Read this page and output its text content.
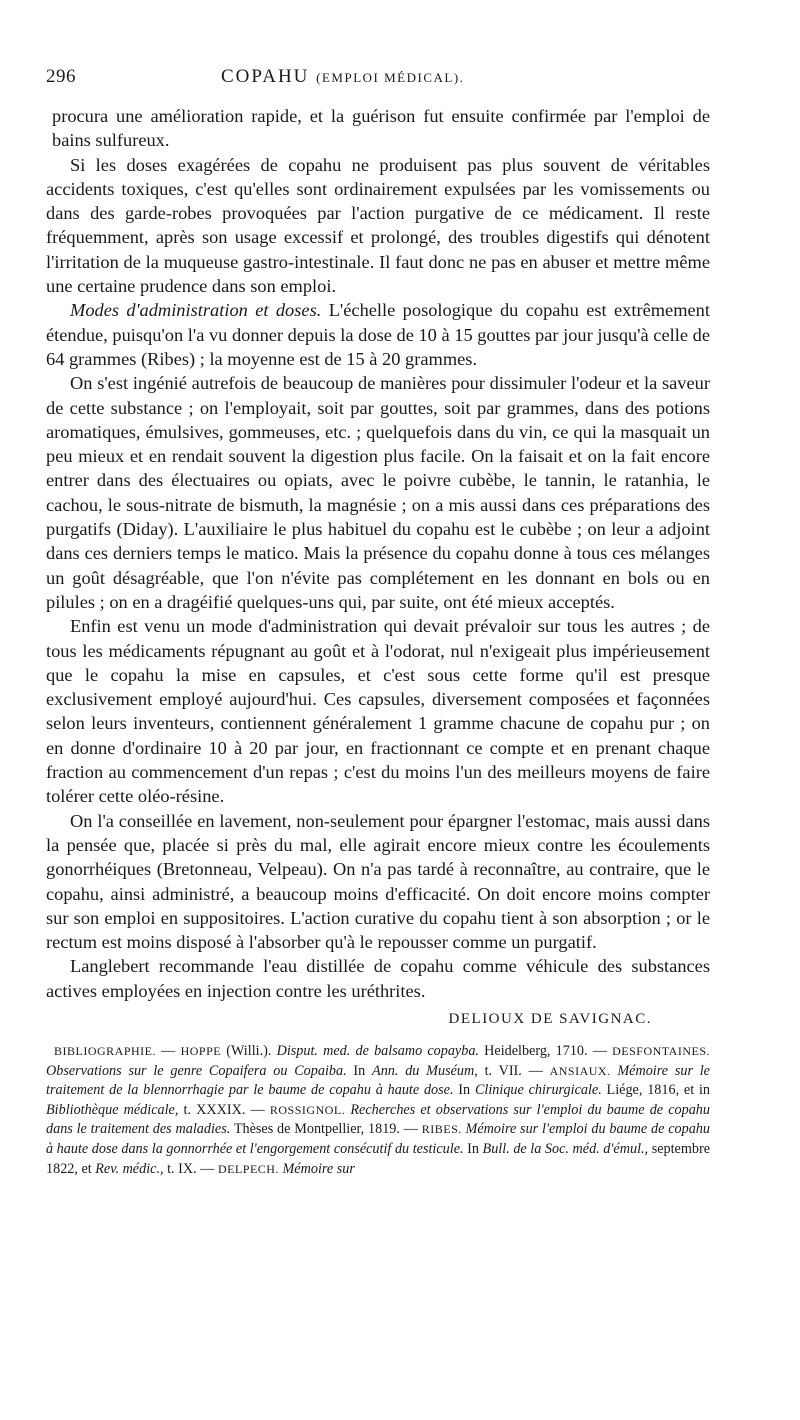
296	COPAHU (EMPLOI MÉDICAL).

procura une amélioration rapide, et la guérison fut ensuite confirmée par l'emploi de bains sulfureux.

Si les doses exagérées de copahu ne produisent pas plus souvent de véritables accidents toxiques, c'est qu'elles sont ordinairement expulsées par les vomissements ou dans des garde-robes provoquées par l'action purgative de ce médicament. Il reste fréquemment, après son usage excessif et prolongé, des troubles digestifs qui dénotent l'irritation de la muqueuse gastro-intestinale. Il faut donc ne pas en abuser et mettre même une certaine prudence dans son emploi.

Modes d'administration et doses. L'échelle posologique du copahu est extrêmement étendue, puisqu'on l'a vu donner depuis la dose de 10 à 15 gouttes par jour jusqu'à celle de 64 grammes (Ribes) ; la moyenne est de 15 à 20 grammes.

On s'est ingénié autrefois de beaucoup de manières pour dissimuler l'odeur et la saveur de cette substance ; on l'employait, soit par gouttes, soit par grammes, dans des potions aromatiques, émulsives, gommeuses, etc. ; quelquefois dans du vin, ce qui la masquait un peu mieux et en rendait souvent la digestion plus facile. On la faisait et on la fait encore entrer dans des électuaires ou opiats, avec le poivre cubèbe, le tannin, le ratanhia, le cachou, le sous-nitrate de bismuth, la magnésie ; on a mis aussi dans ces préparations des purgatifs (Diday). L'auxiliaire le plus habituel du copahu est le cubèbe ; on leur a adjoint dans ces derniers temps le matico. Mais la présence du copahu donne à tous ces mélanges un goût désagréable, que l'on n'évite pas complétement en les donnant en bols ou en pilules ; on en a dragéifié quelques-uns qui, par suite, ont été mieux acceptés.

Enfin est venu un mode d'administration qui devait prévaloir sur tous les autres ; de tous les médicaments répugnant au goût et à l'odorat, nul n'exigeait plus impérieusement que le copahu la mise en capsules, et c'est sous cette forme qu'il est presque exclusivement employé aujourd'hui. Ces capsules, diversement composées et façonnées selon leurs inventeurs, contiennent généralement 1 gramme chacune de copahu pur ; on en donne d'ordinaire 10 à 20 par jour, en fractionnant ce compte et en prenant chaque fraction au commencement d'un repas ; c'est du moins l'un des meilleurs moyens de faire tolérer cette oléo-résine.

On l'a conseillée en lavement, non-seulement pour épargner l'estomac, mais aussi dans la pensée que, placée si près du mal, elle agirait encore mieux contre les écoulements gonorrhéiques (Bretonneau, Velpeau). On n'a pas tardé à reconnaître, au contraire, que le copahu, ainsi administré, a beaucoup moins d'efficacité. On doit encore moins compter sur son emploi en suppositoires. L'action curative du copahu tient à son absorption ; or le rectum est moins disposé à l'absorber qu'à le repousser comme un purgatif.

Langlebert recommande l'eau distillée de copahu comme véhicule des substances actives employées en injection contre les uréthrites.

DELIOUX DE SAVIGNAC.

BIBLIOGRAPHIE. — HOPPE (Willi.). Disput. med. de balsamo copayba. Heidelberg, 1710. — DESFONTAINES. Observations sur le genre Copaifera ou Copaiba. In Ann. du Muséum, t. VII. — ANSIAUX. Mémoire sur le traitement de la blennorrhagie par le baume de copahu à haute dose. In Clinique chirurgicale. Liége, 1816, et in Bibliothèque médicale, t. XXXIX. — ROSSIGNOL. Recherches et observations sur l'emploi du baume de copahu dans le traitement des maladies. Thèses de Montpellier, 1819. — RIBES. Mémoire sur l'emploi du baume de copahu à haute dose dans la gonnorrhée et l'engorgement consécutif du testicule. In Bull. de la Soc. méd. d'émul., septembre 1822, et Rev. médic., t. IX. — DELPECH. Mémoire sur
